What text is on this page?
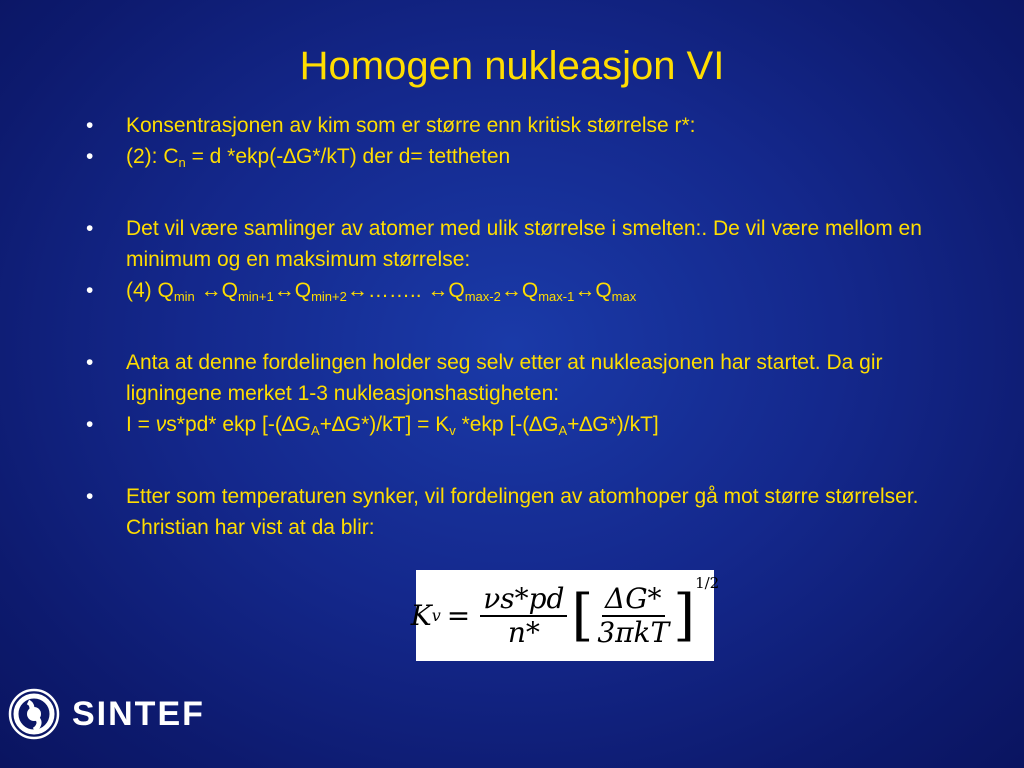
Homogen nukleasjon VI
• Konsentrasjonen av kim som er større enn kritisk størrelse r*:
• (2): $C_n = d$ *ekp(-∆G*/kT) der d= tettheten
• Det vil være samlinger av atomer med ulik størrelse i smelten:. De vil være mellom en minimum og en maksimum størrelse:
• (4) $Q_{min}$ $\leftrightarrow Q_{min+1}\leftrightarrow Q_{min+2}\leftrightarrow\dots\dots$.. $\leftrightarrow Q_{max-2}\leftrightarrow Q_{max-1}\leftrightarrow Q_{max}$
• Anta at denne fordelingen holder seg selv etter at nukleasjonen har startet. Da gir ligningene merket 1-3 nukleasjonshastigheten:
• I = νs*pd* ekp $[-(\Delta G_A+\Delta G*)/kT] = K_v$ *ekp $[-(\Delta G_A+\Delta G*)/kT]$
• Etter som temperaturen synker, vil fordelingen av atomhoper gå mot større størrelser. Christian har vist at da blir:
K $v = \frac{\nu s*pd}{n*}$ [ $\frac{\Delta G*}{\text{3πkT}}$ ] 1/2
SINTEF
